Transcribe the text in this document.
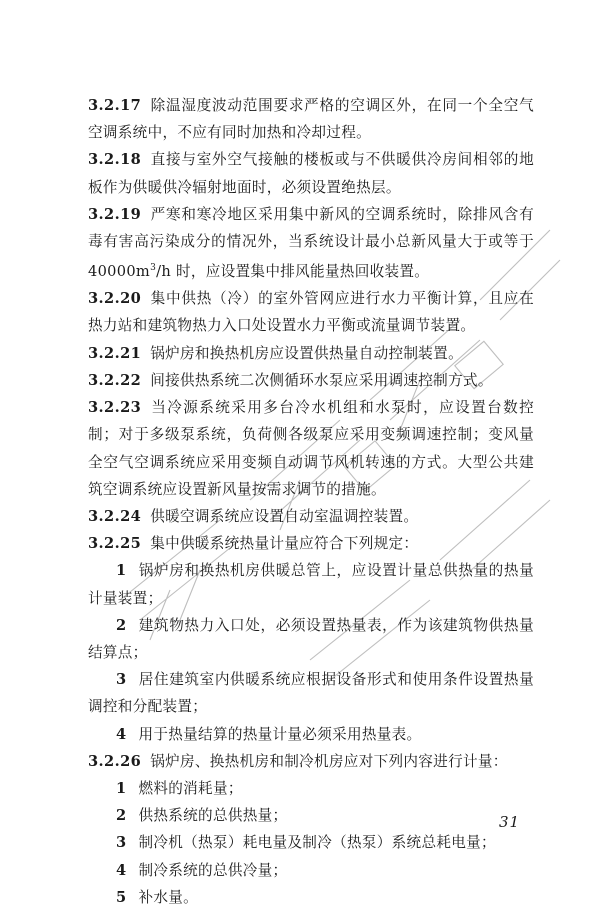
3.2.17 除温湿度波动范围要求严格的空调区外，在同一个全空气空调系统中，不应有同时加热和冷却过程。

3.2.18 直接与室外空气接触的楼板或与不供暖供冷房间相邻的地板作为供暖供冷辐射地面时，必须设置绝热层。

3.2.19 严寒和寒冷地区采用集中新风的空调系统时，除排风含有毒有害高污染成分的情况外，当系统设计最小总新风量大于或等于 $40000m^3/h$ 时，应设置集中排风能量热回收装置。

3.2.20 集中供热（冷）的室外管网应进行水力平衡计算，且应在热力站和建筑物热力入口处设置水力平衡或流量调节装置。

3.2.21 锅炉房和换热机房应设置供热量自动控制装置。

3.2.22 间接供热系统二次侧循环水泵应采用调速控制方式。

3.2.23 当冷源系统采用多台冷水机组和水泵时，应设置台数控制；对于多级泵系统，负荷侧各级泵应采用变频调速控制；变风量全空气空调系统应采用变频自动调节风机转速的方式。大型公共建筑空调系统应设置新风量按需求调节的措施。

3.2.24 供暖空调系统应设置自动室温调控装置。

3.2.25 集中供暖系统热量计量应符合下列规定：

1 锅炉房和换热机房供暖总管上，应设置计量总供热量的热量计量装置；

2 建筑物热力入口处，必须设置热量表，作为该建筑物供热量结算点；

3 居住建筑室内供暖系统应根据设备形式和使用条件设置热量调控和分配装置；

4 用于热量结算的热量计量必须采用热量表。

3.2.26 锅炉房、换热机房和制冷机房应对下列内容进行计量：

1 燃料的消耗量；

2 供热系统的总供热量；

3 制冷机（热泵）耗电量及制冷（热泵）系统总耗电量；

4 制冷系统的总供冷量；

5 补水量。

31
